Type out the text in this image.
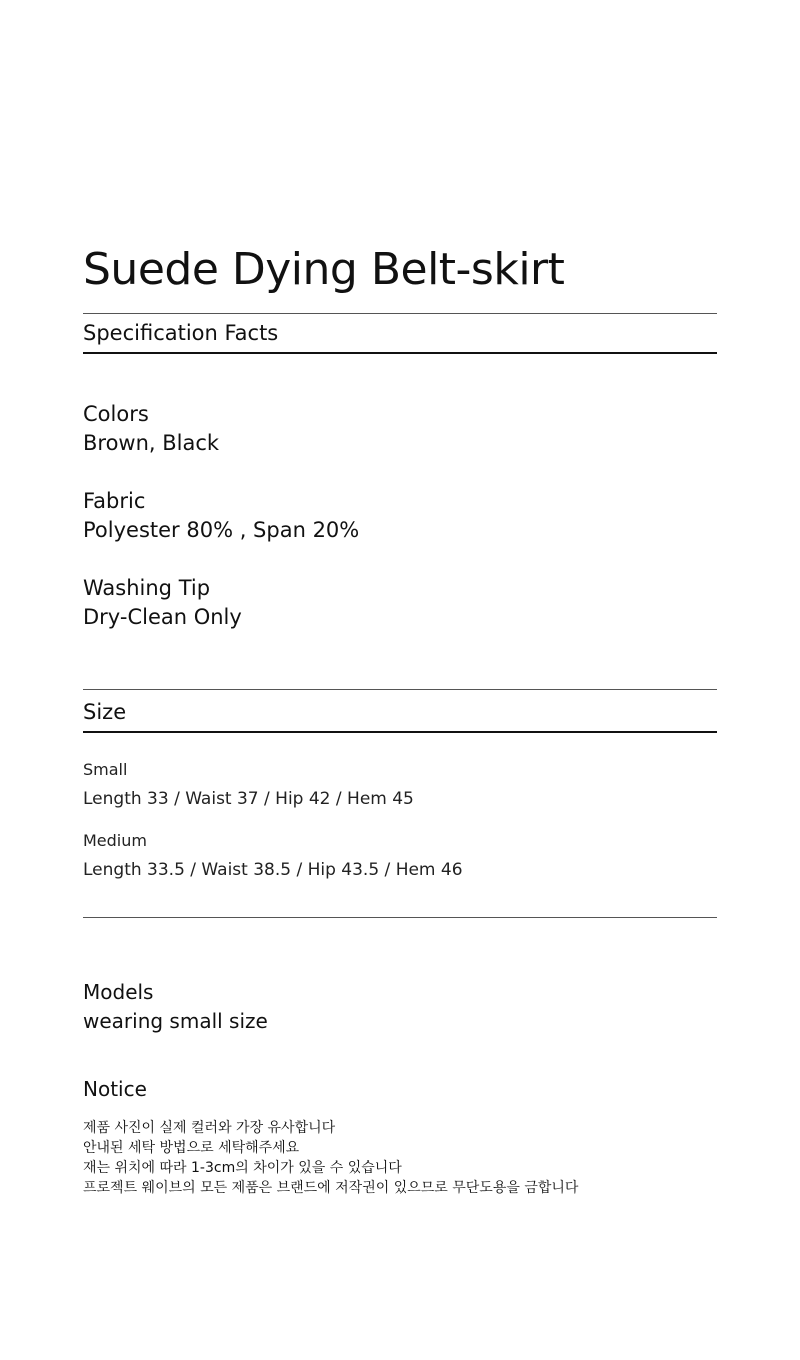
Suede Dying Belt-skirt
Specification Facts
Colors
Brown, Black
Fabric
Polyester 80% , Span 20%
Washing Tip
Dry-Clean Only
Size
Small
Length 33 / Waist 37 / Hip 42 / Hem 45
Medium
Length 33.5 / Waist 38.5 / Hip 43.5 / Hem 46
Models
wearing small size
Notice
제품 사진이 실제 컬러와 가장 유사합니다
안내된 세탁 방법으로 세탁해주세요
재는 위치에 따라 1-3cm의 차이가 있을 수 있습니다
프로젝트 웨이브의 모든 제품은 브랜드에 저작권이 있으므로 무단도용을 금합니다
